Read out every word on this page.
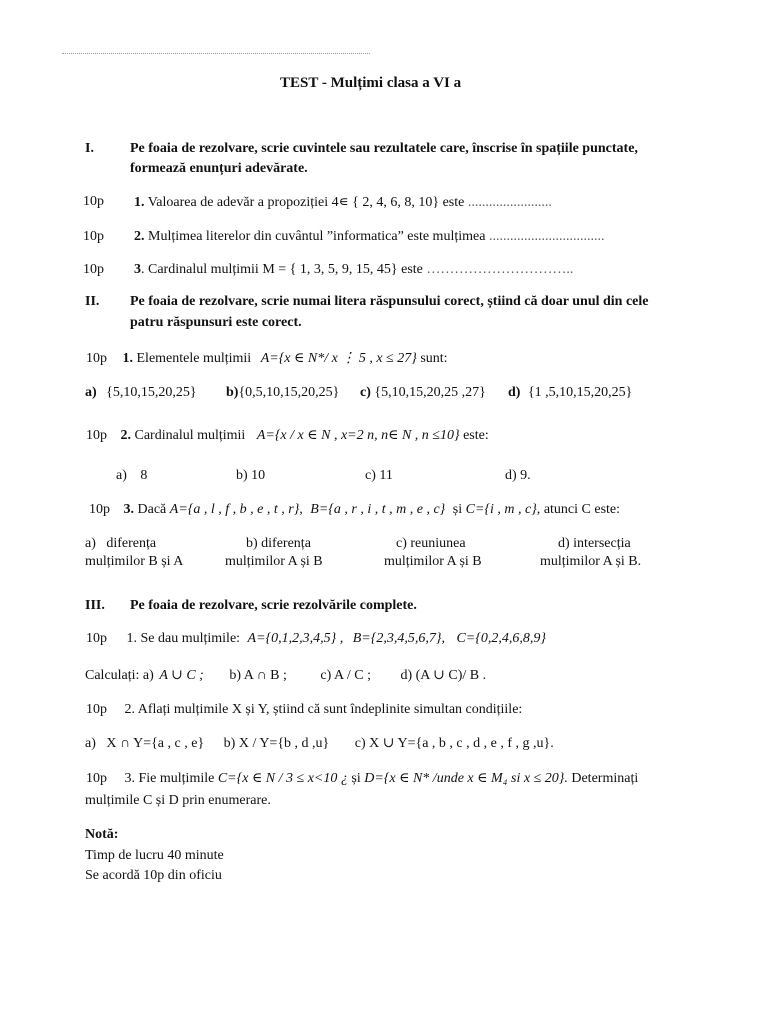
TEST - Mulțimi clasa a VI a
I.	Pe foaia de rezolvare, scrie cuvintele sau rezultatele care, înscrise în spațiile punctate,
formează enunțuri adevărate.
10p 1. Valoarea de adevăr a propoziției 4∊ { 2, 4, 6, 8, 10} este ........................
10p 2. Mulțimea literelor din cuvântul ”informatica” este mulțimea .................................
10p 3. Cardinalul mulțimii M = { 1, 3, 5, 9, 15, 45} este …………………………..
II. Pe foaia de rezolvare, scrie numai litera răspunsului corect, știind că doar unul din cele
patru răspunsuri este corect.
10p 1. Elementele mulțimii A={x ∈ N*/ x ⋮ 5 , x ≤ 27} sunt:
a) {5,10,15,20,25} b){0,5,10,15,20,25} c) {5,10,15,20,25 ,27} d) {1 ,5,10,15,20,25}
10p 2. Cardinalul mulțimii A={x / x ∈ N , x=2 n, n∈ N , n ≤10} este:
a) 8	b) 10	c) 11	d) 9.
10p 3. Dacă A={a , l , f , b , e , t , r}, B={a , r , i , t , m , e , c} și C={i , m , c}, atunci C este:
a)   diferența
mulțimilor B și A
b) diferența
mulțimilor A și B
c) reuniunea
mulțimilor A și B
d) intersecția
mulțimilor A și B.
III. Pe foaia de rezolvare, scrie rezolvările complete.
10p 1. Se dau mulțimile: A={0,1,2,3,4,5} , B={2,3,4,5,6,7}, C={0,2,4,6,8,9}
Calculați: a) A ∪ C ; b) A ∩ B ; c) A / C ; d) (A ∪ C)/ B .
10p 2. Aflați mulțimile X și Y, știind că sunt îndeplinite simultan condițiile:
a)   X ∩ Y={a , c , e} b) X / Y={b , d ,u} c) X ∪ Y={a , b , c , d , e , f , g ,u}.
10p 3. Fie mulțimile C={x ∈ N / 3 ≤ x<10 ¿ și D={x ∈ N* /unde x ∈ M₄ si x ≤ 20}. Determinați
mulțimile C și D prin enumerare.
Notă:
Timp de lucru 40 minute
Se acordă 10p din oficiu
